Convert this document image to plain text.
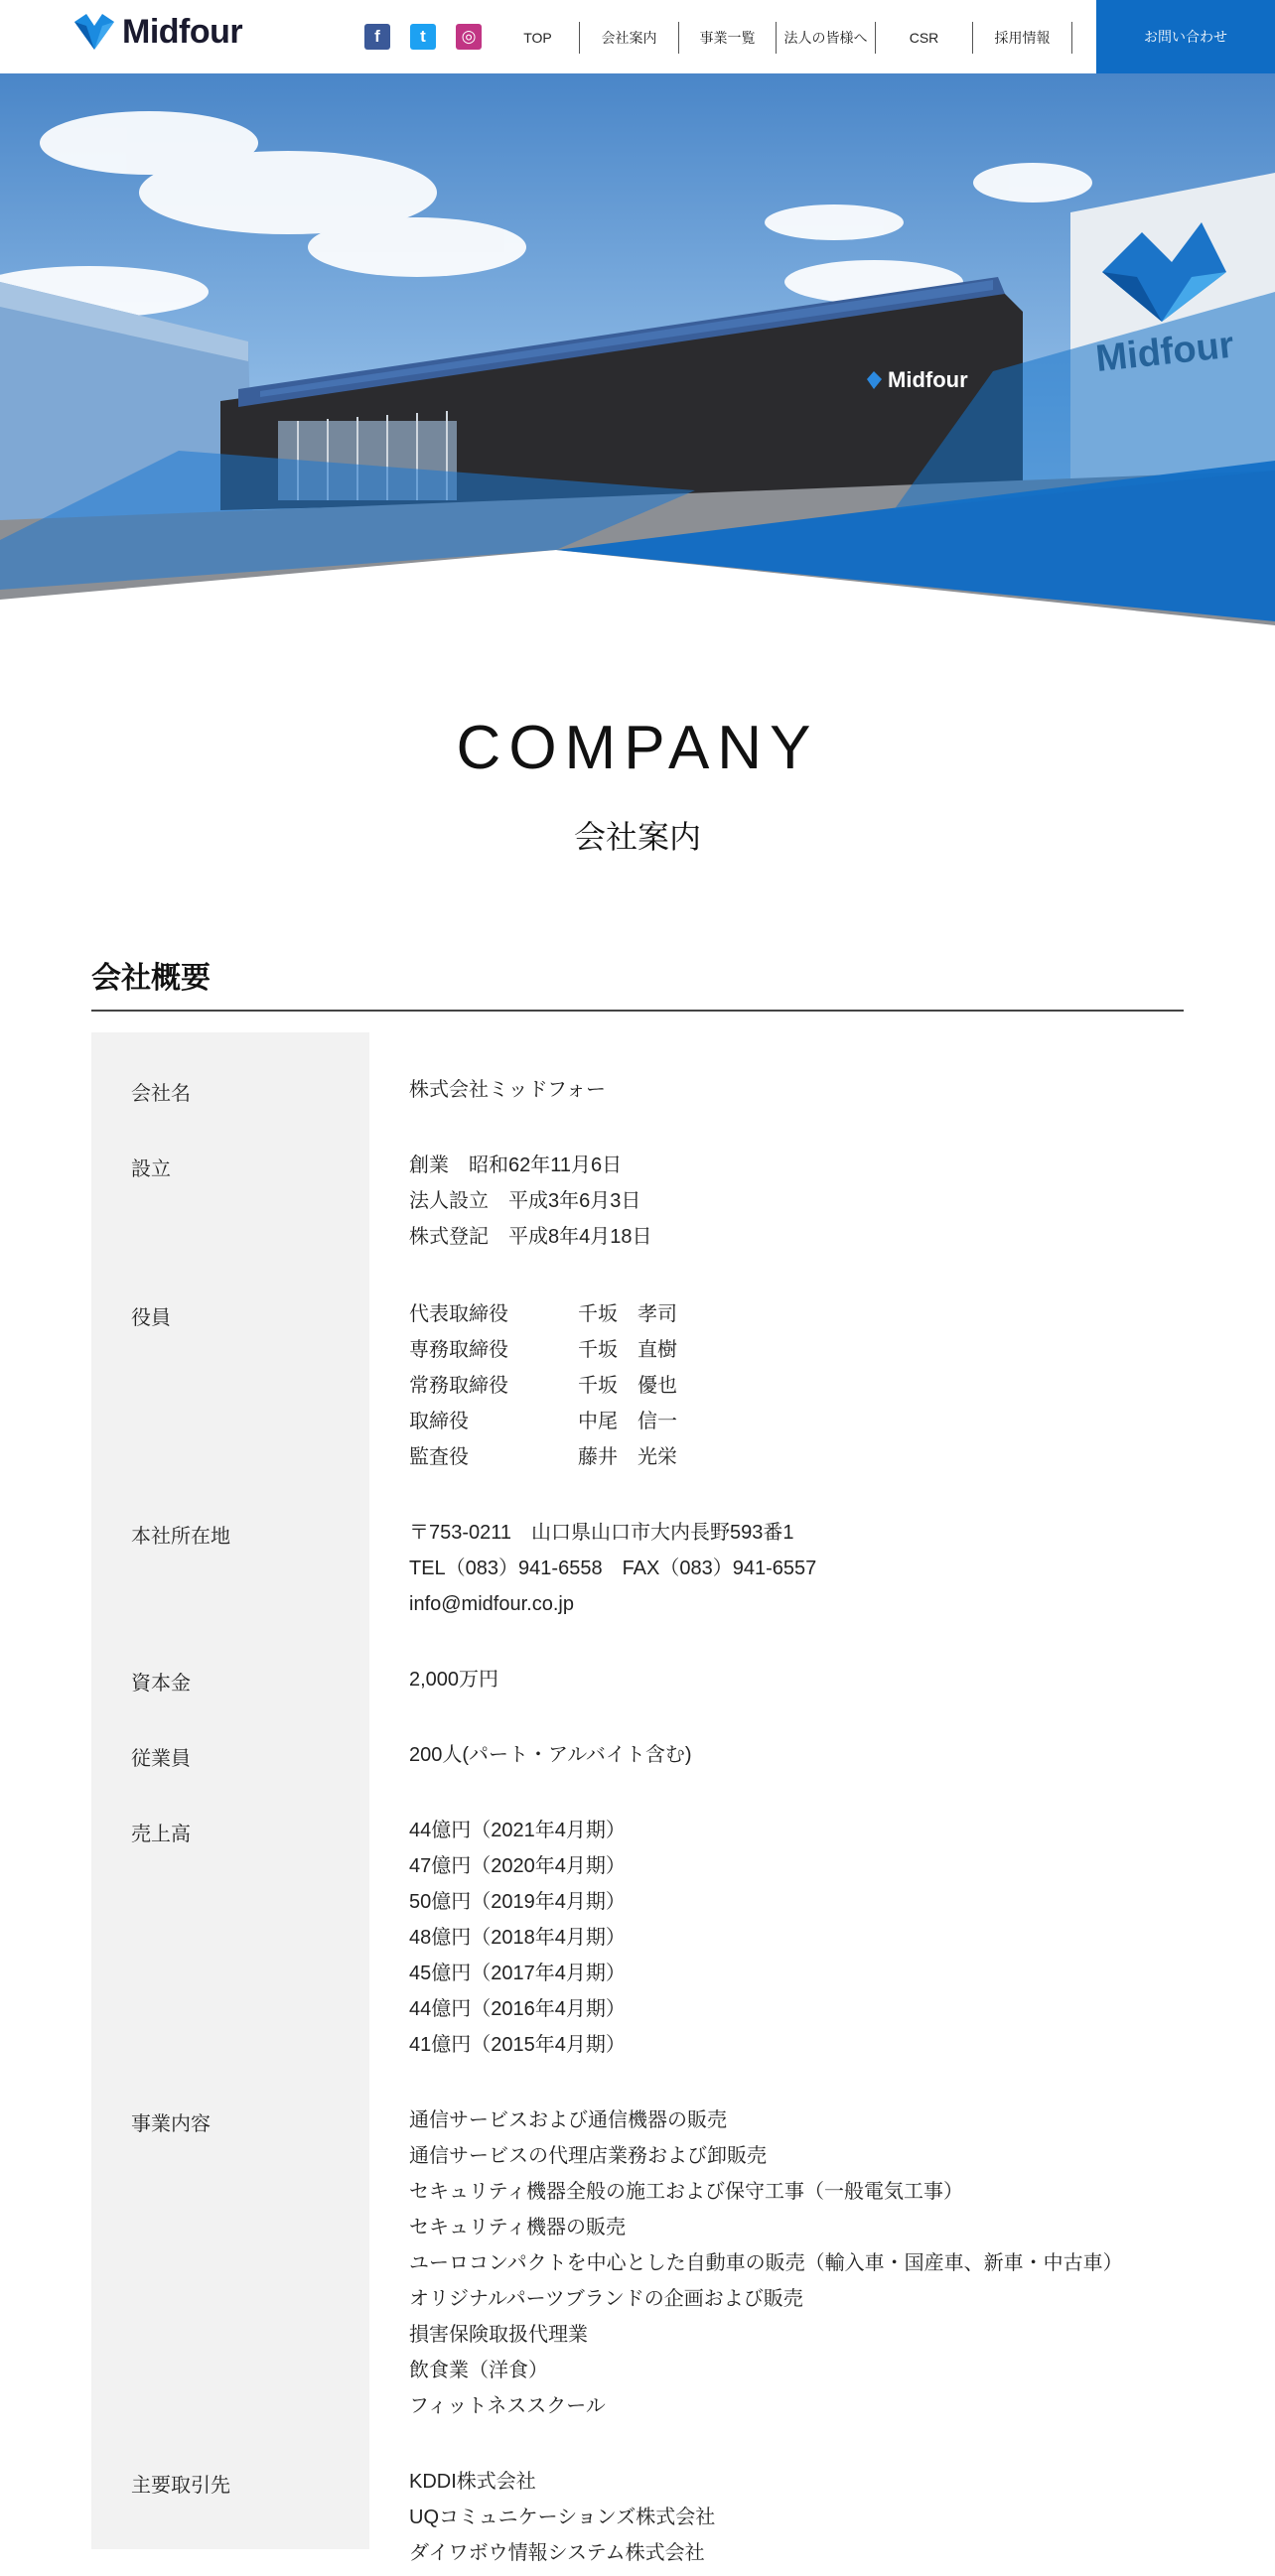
Midfour	f	t	◎	TOP	会社案内	事業一覧	法人の皆様へ	CSR	採用情報	お問い合わせ
Midfour
COMPANY
会社案内
会社概要
会社名	株式会社ミッドフォー
設立	創業　昭和62年11月6日
法人設立　平成3年6月3日
株式登記　平成8年4月18日
役員	代表取締役	千坂　孝司
専務取締役	千坂　直樹
常務取締役	千坂　優也
取締役	中尾　信一
監査役	藤井　光栄
本社所在地	〒753-0211　山口県山口市大内長野593番1
TEL（083）941-6558　FAX（083）941-6557
info@midfour.co.jp
資本金	2,000万円
従業員	200人(パート・アルバイト含む)
売上高	44億円（2021年4月期）
47億円（2020年4月期）
50億円（2019年4月期）
48億円（2018年4月期）
45億円（2017年4月期）
44億円（2016年4月期）
41億円（2015年4月期）
事業内容	通信サービスおよび通信機器の販売
通信サービスの代理店業務および卸販売
セキュリティ機器全般の施工および保守工事（一般電気工事）
セキュリティ機器の販売
ユーロコンパクトを中心とした自動車の販売（輸入車・国産車、新車・中古車）
オリジナルパーツブランドの企画および販売
損害保険取扱代理業
飲食業（洋食）
フィットネススクール
主要取引先	KDDI株式会社
UQコミュニケーションズ株式会社
ダイワボウ情報システム株式会社
